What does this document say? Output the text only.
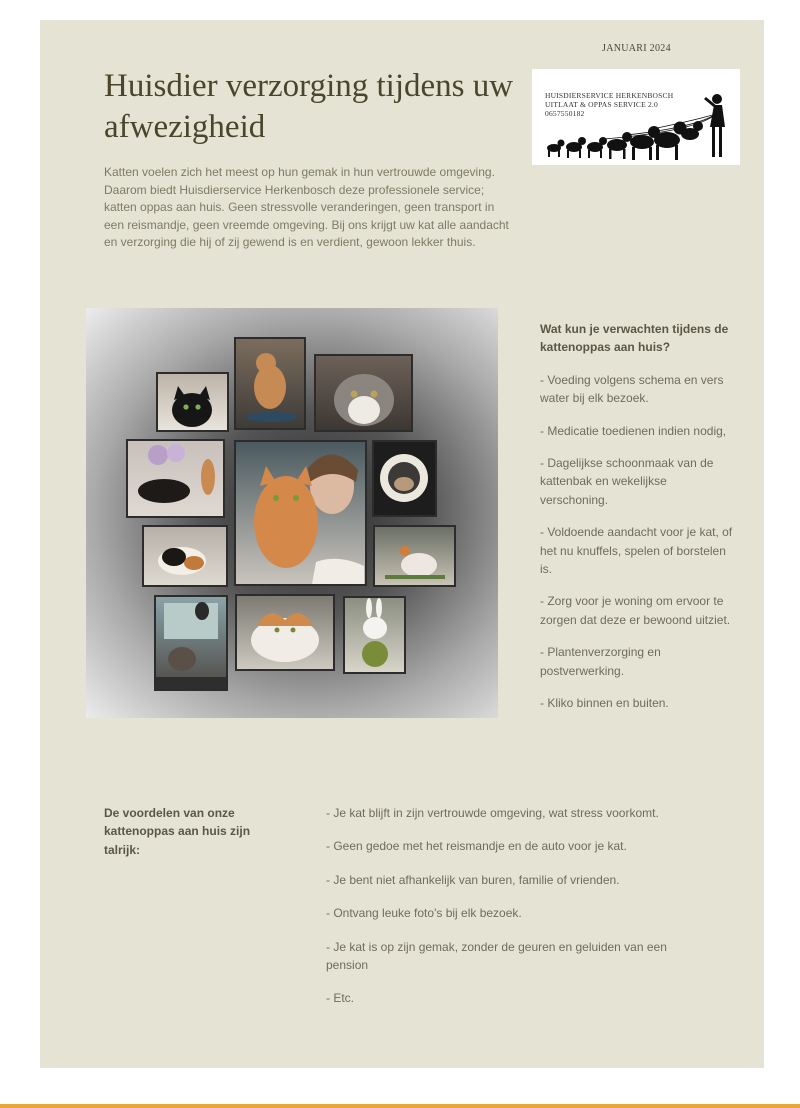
JANUARI 2024
Huisdier verzorging tijdens uw afwezigheid
HUISDIERSERVICE HERKENBOSCH
UITLAAT & OPPAS SERVICE 2.0
0657550182

Katten voelen zich het meest op hun gemak in hun vertrouwde omgeving. Daarom biedt Huisdierservice Herkenbosch deze professionele service; katten oppas aan huis. Geen stressvolle veranderingen, geen transport in een reismandje, geen vreemde omgeving. Bij ons krijgt uw kat alle aandacht en verzorging die hij of zij gewend is en verdient, gewoon lekker thuis.

Wat kun je verwachten tijdens de kattenoppas aan huis?

- Voeding volgens schema en vers water bij elk bezoek.

- Medicatie toedienen indien nodig,

- Dagelijkse schoonmaak van de kattenbak en wekelijkse verschoning.

- Voldoende aandacht voor je kat, of het nu knuffels, spelen of borstelen is.

- Zorg voor je woning om ervoor te zorgen dat deze er bewoond uitziet.

- Plantenverzorging en postverwerking.

- Kliko binnen en buiten.

De voordelen van onze kattenoppas aan huis zijn talrijk:

- Je kat blijft in zijn vertrouwde omgeving, wat stress voorkomt.

- Geen gedoe met het reismandje en de auto voor je kat.

- Je bent niet afhankelijk van buren, familie of vrienden.

- Ontvang leuke foto's bij elk bezoek.

- Je kat is op zijn gemak, zonder de geuren en geluiden van een pension

- Etc.
